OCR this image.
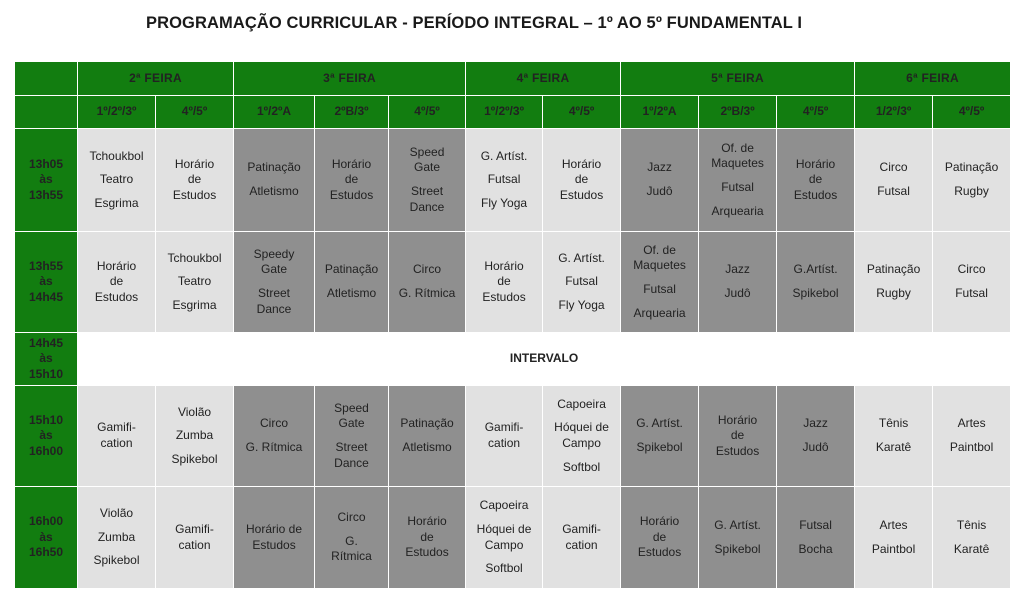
PROGRAMAÇÃO CURRICULAR - PERÍODO INTEGRAL – 1º AO 5º FUNDAMENTAL I
	2ª FEIRA		3ª FEIRA			4ª FEIRA		5ª FEIRA			6ª FEIRA	
	1º/2º/3º	4º/5º	1º/2ºA	2ºB/3º	4º/5º	1º/2º/3º	4º/5º	1º/2ºA	2ºB/3º	4º/5º	1/2º/3º	4º/5º

13h05
às
13h55	Tchoukbol
Teatro
Esgrima	Horário
de
Estudos	Patinação
Atletismo	Horário
de
Estudos	Speed
Gate
Street
Dance	G. Artíst.
Futsal
Fly Yoga	Horário
de
Estudos	Jazz
Judô	Of. de
Maquetes
Futsal
Arquearia	Horário
de
Estudos	Circo
Futsal	Patinação
Rugby

13h55
às
14h45	Horário
de
Estudos	Tchoukbol
Teatro
Esgrima	Speedy
Gate
Street
Dance	Patinação
Atletismo	Circo
G. Rítmica	Horário
de
Estudos	G. Artíst.
Futsal
Fly Yoga	Of. de
Maquetes
Futsal
Arquearia	Jazz
Judô	G.Artíst.
Spikebol	Patinação
Rugby	Circo
Futsal

14h45
às
15h10	INTERVALO											

15h10
às
16h00	Gamifi-
cation	Violão
Zumba
Spikebol	Circo
G. Rítmica	Speed
Gate
Street
Dance	Patinação
Atletismo	Gamifi-
cation	Capoeira
Hóquei de
Campo
Softbol	G. Artíst.
Spikebol	Horário
de
Estudos	Jazz
Judô	Tênis
Karatê	Artes
Paintbol

16h00
às
16h50	Violão
Zumba
Spikebol	Gamifi-
cation	Horário de
Estudos	Circo
G.
Rítmica	Horário
de
Estudos	Capoeira
Hóquei de
Campo
Softbol	Gamifi-
cation	Horário
de
Estudos	G. Artíst.
Spikebol	Futsal
Bocha	Artes
Paintbol	Tênis
Karatê
